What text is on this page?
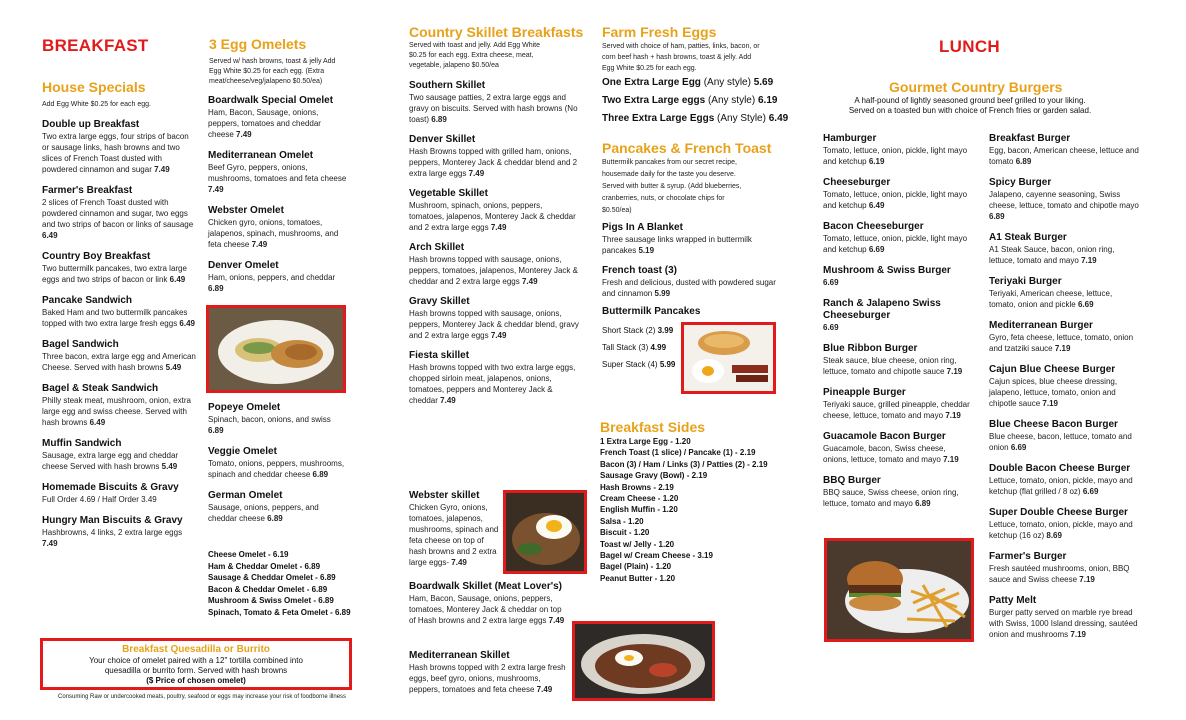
BREAKFAST
House Specials
Add Egg White $0.25 for each egg.
Double up Breakfast
Two extra large eggs, four strips of bacon or sausage links, hash browns and two slices of French Toast dusted with powdered cinnamon and sugar 7.49
Farmer's Breakfast
2 slices of French Toast dusted with powdered cinnamon and sugar, two eggs and two strips of bacon or links of sausage 6.49
Country Boy Breakfast
Two buttermilk pancakes, two extra large eggs and two strips of bacon or link 6.49
Pancake Sandwich
Baked Ham and two buttermilk pancakes topped with two extra large fresh eggs 6.49
Bagel Sandwich
Three bacon, extra large egg and American Cheese. Served with hash browns 5.49
Bagel & Steak Sandwich
Philly steak meat, mushroom, onion, extra large egg and swiss cheese. Served with hash browns 6.49
Muffin Sandwich
Sausage, extra large egg and cheddar cheese Served with hash browns 5.49
Homemade Biscuits & Gravy
Full Order 4.69 / Half Order 3.49
Hungry Man Biscuits & Gravy
Hashbrowns, 4 links, 2 extra large eggs 7.49
Breakfast Quesadilla or Burrito
Your choice of omelet paired with a 12" tortilla combined into quesadilla or burrito form. Served with hash browns
($ Price of chosen omelet)
Consuming Raw or undercooked meats, poultry, seafood or eggs may increase your risk of foodborne illness
3 Egg Omelets
Served w/ hash browns, toast & jelly Add Egg White $0.25 for each egg. (Extra meat/cheese/veg/jalapeno $0.50/ea)
Boardwalk Special Omelet
Ham, Bacon, Sausage, onions, peppers, tomatoes and cheddar cheese 7.49
Mediterranean Omelet
Beef Gyro, peppers, onions, mushrooms, tomatoes and feta cheese 7.49
Webster Omelet
Chicken gyro, onions, tomatoes, jalapenos, spinach, mushrooms, and feta cheese 7.49
Denver Omelet
Ham, onions, peppers, and cheddar 6.89
Popeye Omelet
Spinach, bacon, onions, and swiss 6.89
Veggie Omelet
Tomato, onions, peppers, mushrooms, spinach and cheddar cheese 6.89
German Omelet
Sausage, onions, peppers, and cheddar cheese 6.89
Cheese Omelet - 6.19
Ham & Cheddar Omelet - 6.89
Sausage & Cheddar Omelet - 6.89
Bacon & Cheddar Omelet - 6.89
Mushroom & Swiss Omelet - 6.89
Spinach, Tomato & Feta Omelet - 6.89
Country Skillet Breakfasts
Served with toast and jelly. Add Egg White $0.25 for each egg. Extra cheese, meat, vegetable, jalapeno $0.50/ea
Southern Skillet
Two sausage patties, 2 extra large eggs and gravy on biscuits. Served with hash browns (No toast) 6.89
Denver Skillet
Hash Browns topped with grilled ham, onions, peppers, Monterey Jack & cheddar blend and 2 extra large eggs 7.49
Vegetable Skillet
Mushroom, spinach, onions, peppers, tomatoes, jalapenos, Monterey Jack & cheddar and 2 extra large eggs 7.49
Arch Skillet
Hash browns topped with sausage, onions, peppers, tomatoes, jalapenos, Monterey Jack & cheddar and 2 extra large eggs 7.49
Gravy Skillet
Hash browns topped with sausage, onions, peppers, Monterey Jack & cheddar blend, gravy and 2 extra large eggs 7.49
Fiesta skillet
Hash browns topped with two extra large eggs, chopped sirloin meat, jalapenos, onions, tomatoes, peppers and Monterey Jack & cheddar 7.49
Webster skillet
Chicken Gyro, onions, tomatoes, jalapenos, mushrooms, spinach and feta cheese on top of hash browns and 2 extra large eggs- 7.49
Boardwalk Skillet (Meat Lover's)
Ham, Bacon, Sausage, onions, peppers, tomatoes, Monterey Jack & cheddar on top of Hash browns and 2 extra large eggs 7.49
Mediterranean Skillet
Hash browns topped with 2 extra large fresh eggs, beef gyro, onions, mushrooms, peppers, tomatoes and feta cheese 7.49
Farm Fresh Eggs
Served with choice of ham, patties, links, bacon, or corn beef hash + hash browns, toast & jelly. Add Egg White $0.25 for each egg.
One Extra Large Egg (Any style) 5.69
Two Extra Large eggs (Any style) 6.19
Three Extra Large Eggs (Any Style) 6.49
Pancakes & French Toast
Buttermilk pancakes from our secret recipe, housemade daily for the taste you deserve. Served with butter & syrup. (Add blueberries, cranberries, nuts, or chocolate chips for $0.50/ea)
Pigs In A Blanket
Three sausage links wrapped in buttermilk pancakes 5.19
French toast (3)
Fresh and delicious, dusted with powdered sugar and cinnamon 5.99
Buttermilk Pancakes
Short Stack (2) 3.99
Tall Stack (3) 4.99
Super Stack (4) 5.99
Breakfast Sides
1 Extra Large Egg - 1.20
French Toast (1 slice) / Pancake (1) - 2.19
Bacon (3) / Ham / Links (3) / Patties (2) - 2.19
Sausage Gravy (Bowl) - 2.19
Hash Browns - 2.19
Cream Cheese - 1.20
English Muffin - 1.20
Salsa - 1.20
Biscuit - 1.20
Toast w/ Jelly - 1.20
Bagel w/ Cream Cheese - 3.19
Bagel (Plain) - 1.20
Peanut Butter - 1.20
LUNCH
Gourmet Country Burgers
A half-pound of lightly seasoned ground beef grilled to your liking. Served on a toasted bun with choice of French fries or garden salad.
Hamburger
Tomato, lettuce, onion, pickle, light mayo and ketchup 6.19
Cheeseburger
Tomato, lettuce, onion, pickle, light mayo and ketchup 6.49
Bacon Cheeseburger
Tomato, lettuce, onion, pickle, light mayo and ketchup 6.69
Mushroom & Swiss Burger
6.69
Ranch & Jalapeno Swiss Cheeseburger
6.69
Blue Ribbon Burger
Steak sauce, blue cheese, onion ring, lettuce, tomato and chipotle sauce 7.19
Pineapple Burger
Teriyaki sauce, grilled pineapple, cheddar cheese, lettuce, tomato and mayo 7.19
Guacamole Bacon Burger
Guacamole, bacon, Swiss cheese, onions, lettuce, tomato and mayo 7.19
BBQ Burger
BBQ sauce, Swiss cheese, onion ring, lettuce, tomato and mayo 6.89
Breakfast Burger
Egg, bacon, American cheese, lettuce and tomato 6.89
Spicy Burger
Jalapeno, cayenne seasoning, Swiss cheese, lettuce, tomato and chipotle mayo 6.89
A1 Steak Burger
A1 Steak Sauce, bacon, onion ring, lettuce, tomato and mayo 7.19
Teriyaki Burger
Teriyaki, American cheese, lettuce, tomato, onion and pickle 6.69
Mediterranean Burger
Gyro, feta cheese, lettuce, tomato, onion and tzatziki sauce 7.19
Cajun Blue Cheese Burger
Cajun spices, blue cheese dressing, jalapeno, lettuce, tomato, onion and chipotle sauce 7.19
Blue Cheese Bacon Burger
Blue cheese, bacon, lettuce, tomato and onion 6.69
Double Bacon Cheese Burger
Lettuce, tomato, onion, pickle, mayo and ketchup (flat grilled / 8 oz) 6.69
Super Double Cheese Burger
Lettuce, tomato, onion, pickle, mayo and ketchup (16 oz) 8.69
Farmer's Burger
Fresh sautéed mushrooms, onion, BBQ sauce and Swiss cheese 7.19
Patty Melt
Burger patty served on marble rye bread with Swiss, 1000 Island dressing, sautéed onion and mushrooms 7.19
